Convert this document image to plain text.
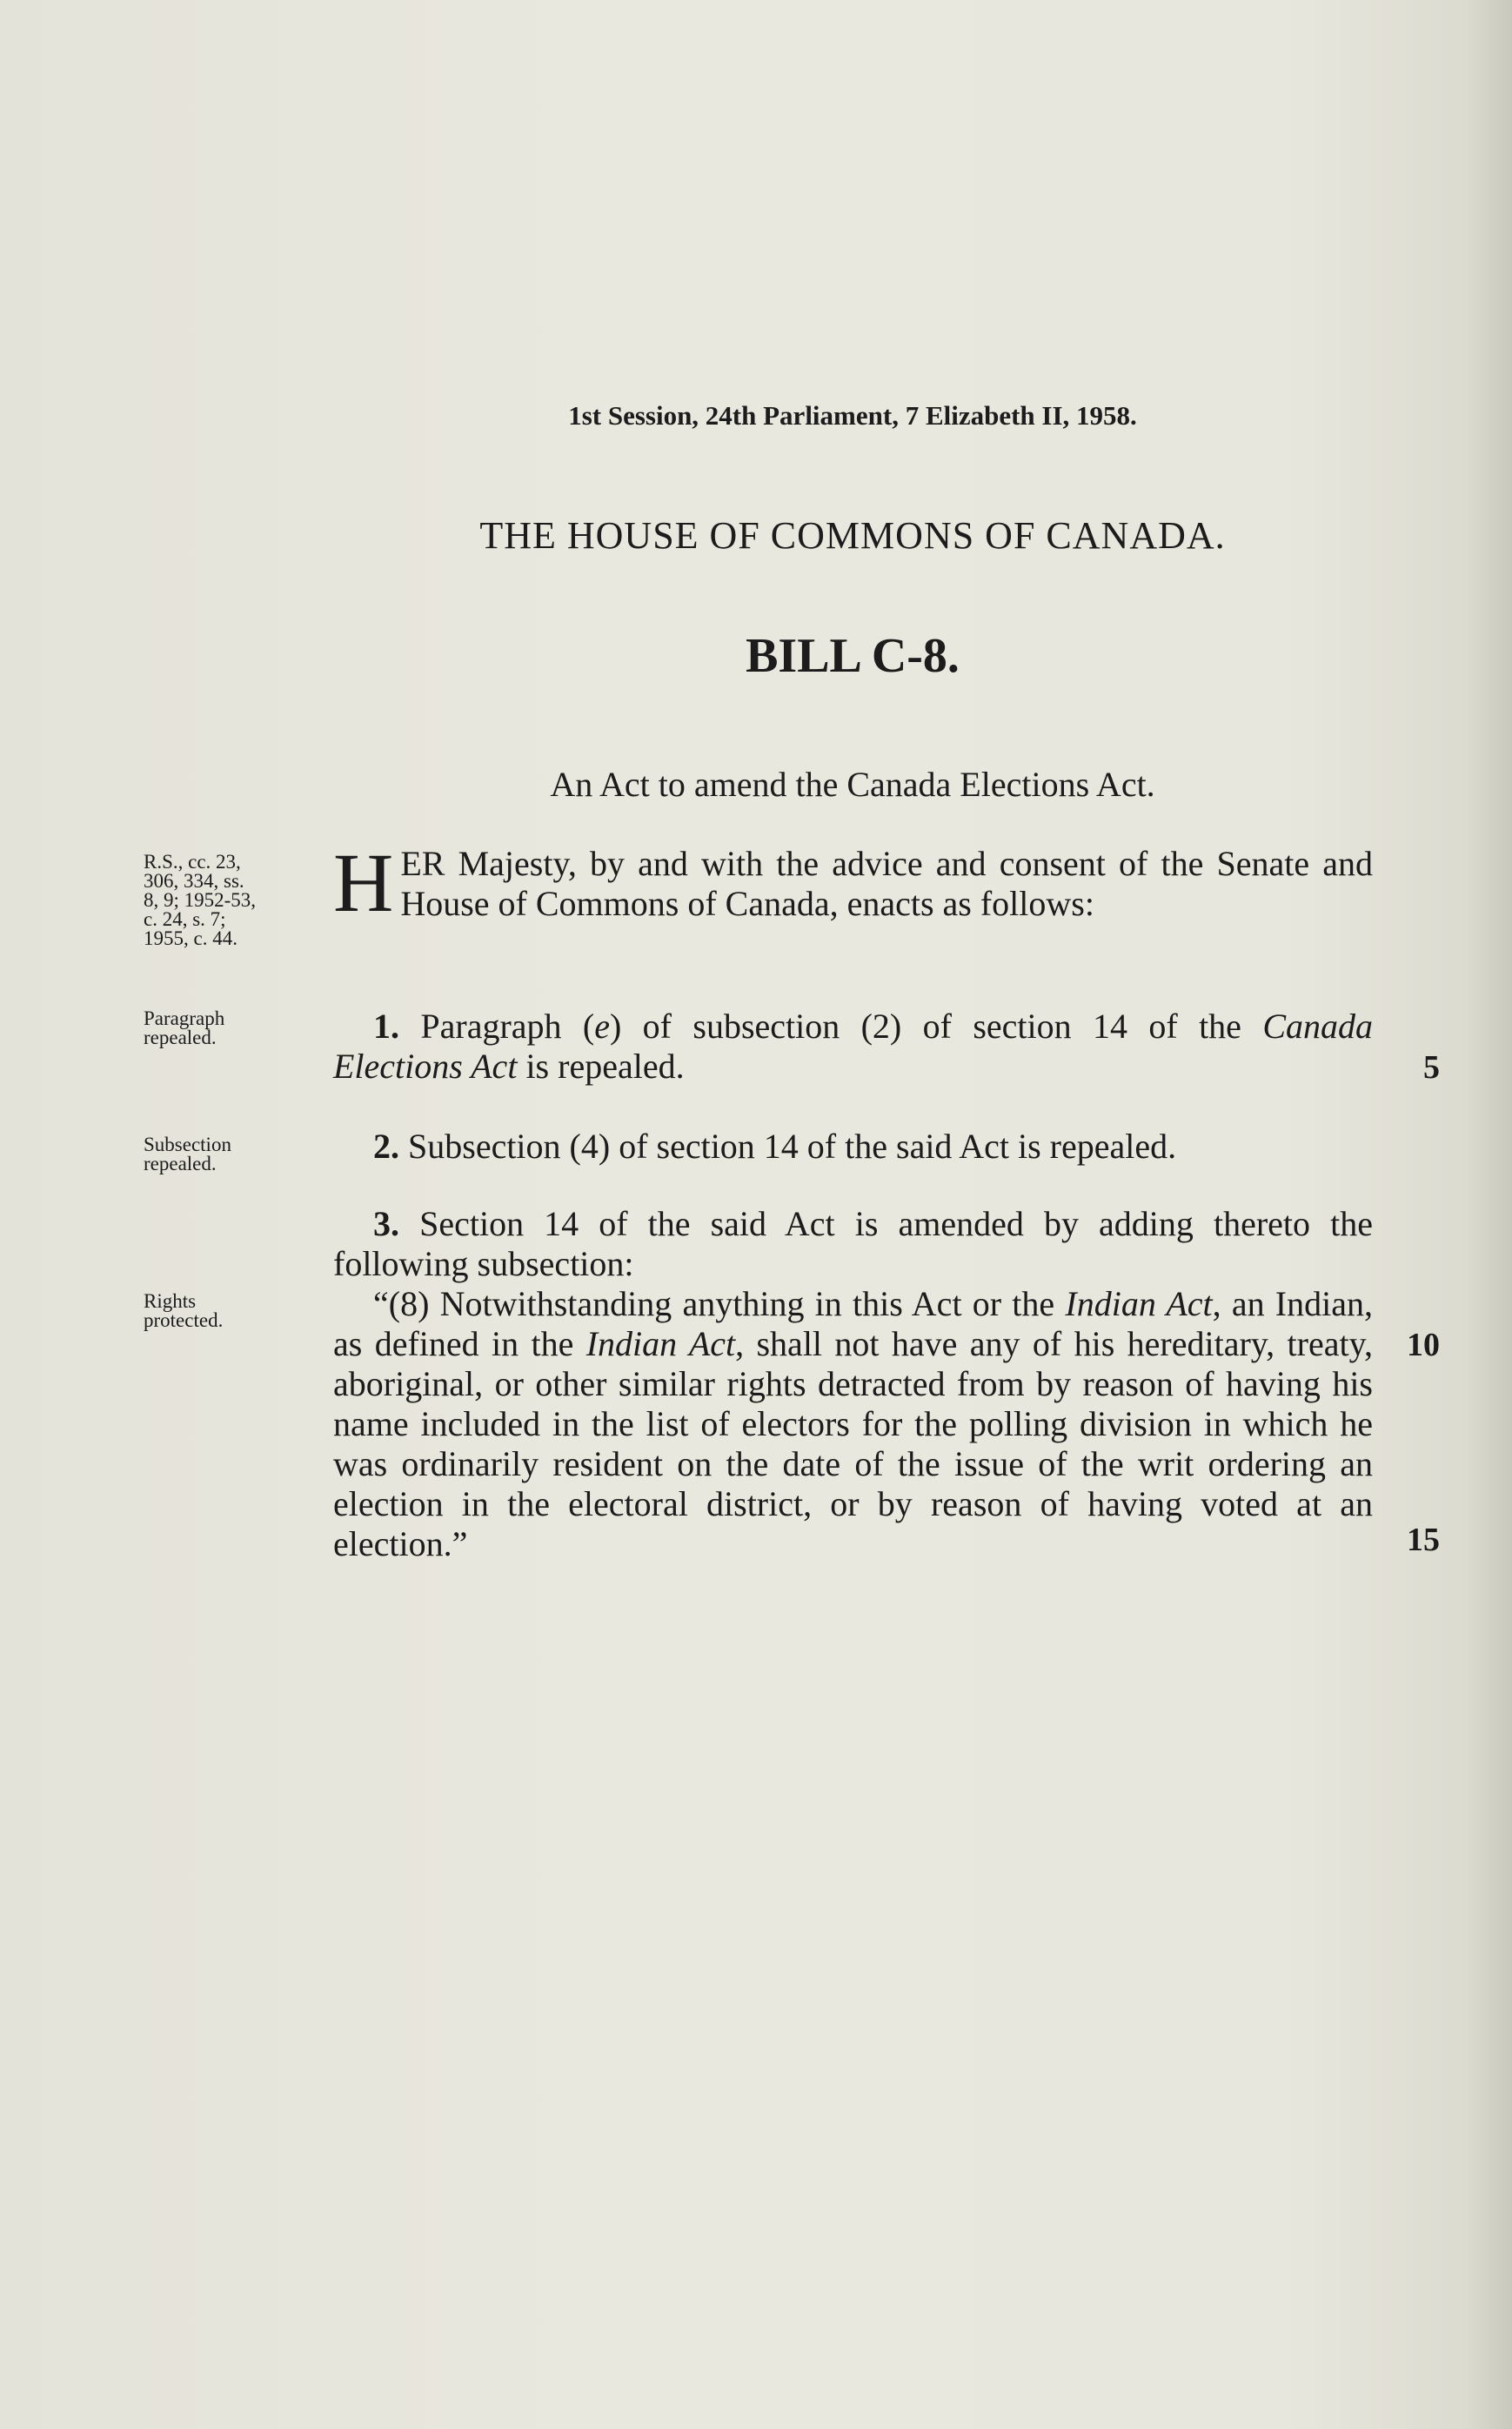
1st Session, 24th Parliament, 7 Elizabeth II, 1958.
THE HOUSE OF COMMONS OF CANADA.
BILL C-8.
An Act to amend the Canada Elections Act.
R.S., cc. 23,
306, 334, ss.
8, 9; 1952-53,
c. 24, s. 7;
1955, c. 44.
Paragraph
repealed.
Subsection
repealed.
Rights
protected.
HER Majesty, by and with the advice and consent of the Senate and House of Commons of Canada, enacts as follows:

1. Paragraph (e) of subsection (2) of section 14 of the Canada Elections Act is repealed.

2. Subsection (4) of section 14 of the said Act is repealed.

3. Section 14 of the said Act is amended by adding thereto the following subsection:

“(8) Notwithstanding anything in this Act or the Indian Act, an Indian, as defined in the Indian Act, shall not have any of his hereditary, treaty, aboriginal, or other similar rights detracted from by reason of having his name included in the list of electors for the polling division in which he was ordinarily resident on the date of the issue of the writ ordering an election in the electoral district, or by reason of having voted at an election.”

5
10
15
